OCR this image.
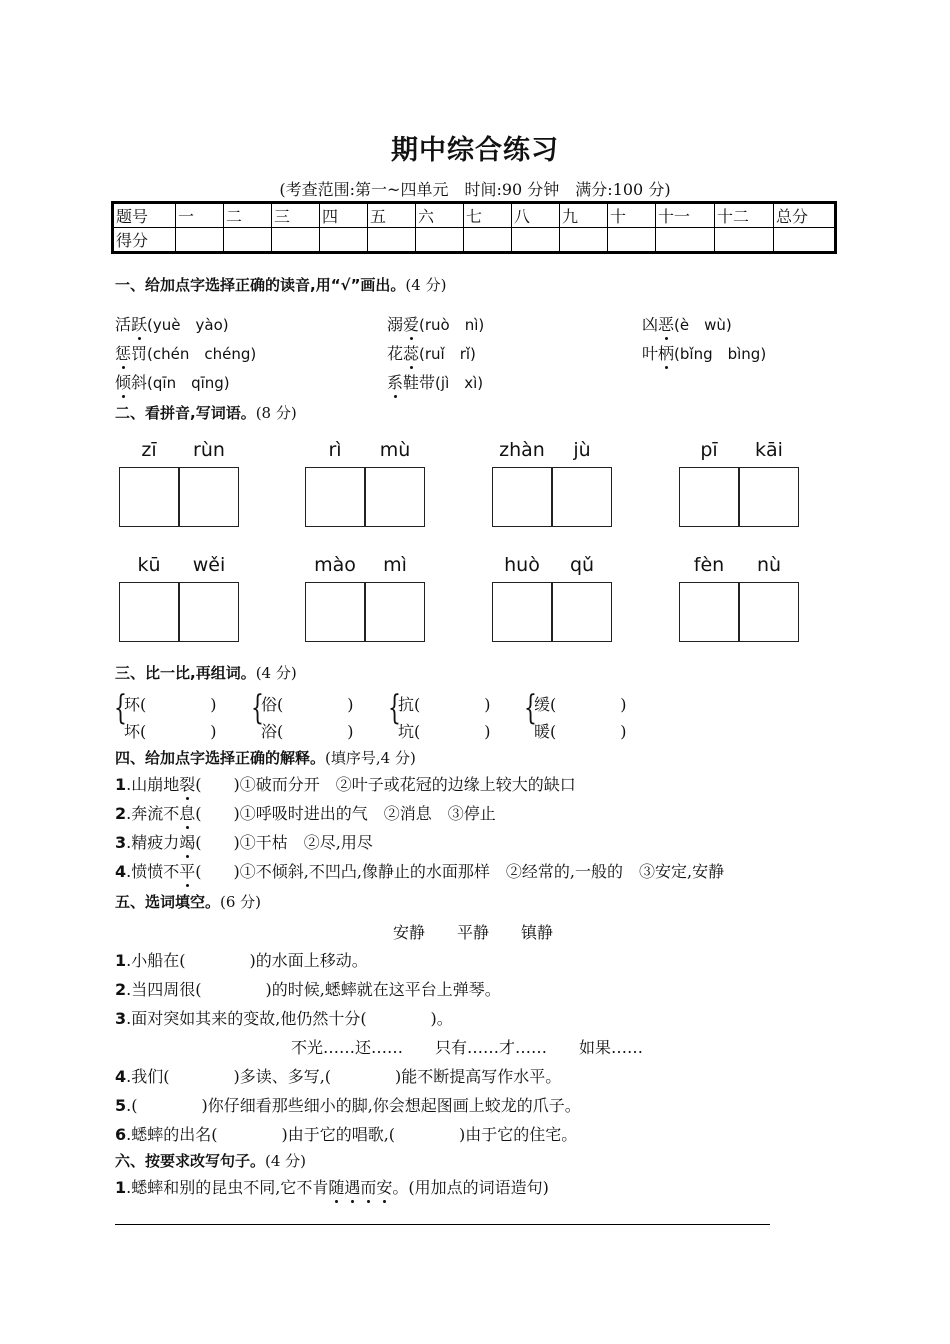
期中综合练习
(考查范围:第一~四单元　时间:90 分钟　满分:100 分)
题号	一	二	三	四	五	六	七	八	九	十	十一	十二	总分
得分													
一、给加点字选择正确的读音,用“√”画出。(4 分)
活跃(yuè　yào)	溺爱(ruò　nì)	凶恶(è　wù)
惩罚(chén　chéng)	花蕊(ruǐ　rǐ)	叶柄(bǐng　bìng)
倾斜(qīn　qīng)	系鞋带(jì　xì)
二、看拼音,写词语。(8 分)
zī	rùn	rì	mù	zhàn	jù	pī	kāi
kū	wěi	mào	mì	huò	qǔ	fèn	nù
三、比一比,再组词。(4 分)
{
环(　　　　)
坏(　　　　)
{
俗(　　　　)
浴(　　　　)
{
抗(　　　　)
坑(　　　　)
{
缓(　　　　)
暖(　　　　)
四、给加点字选择正确的解释。(填序号,4 分)
1.山崩地裂(　　)①破而分开　②叶子或花冠的边缘上较大的缺口
2.奔流不息(　　)①呼吸时进出的气　②消息　③停止
3.精疲力竭(　　)①干枯　②尽,用尽
4.愤愤不平(　　)①不倾斜,不凹凸,像静止的水面那样　②经常的,一般的　③安定,安静
五、选词填空。(6 分)
安静　　平静　　镇静
1.小船在(　　　　)的水面上移动。
2.当四周很(　　　　)的时候,蟋蟀就在这平台上弹琴。
3.面对突如其来的变故,他仍然十分(　　　　)。
不光……还……　　只有……才……　　如果……
4.我们(　　　　)多读、多写,(　　　　)能不断提高写作水平。
5.(　　　　)你仔细看那些细小的脚,你会想起图画上蛟龙的爪子。
6.蟋蟀的出名(　　　　)由于它的唱歌,(　　　　)由于它的住宅。
六、按要求改写句子。(4 分)
1.蟋蟀和别的昆虫不同,它不肯随遇而安。(用加点的词语造句)
